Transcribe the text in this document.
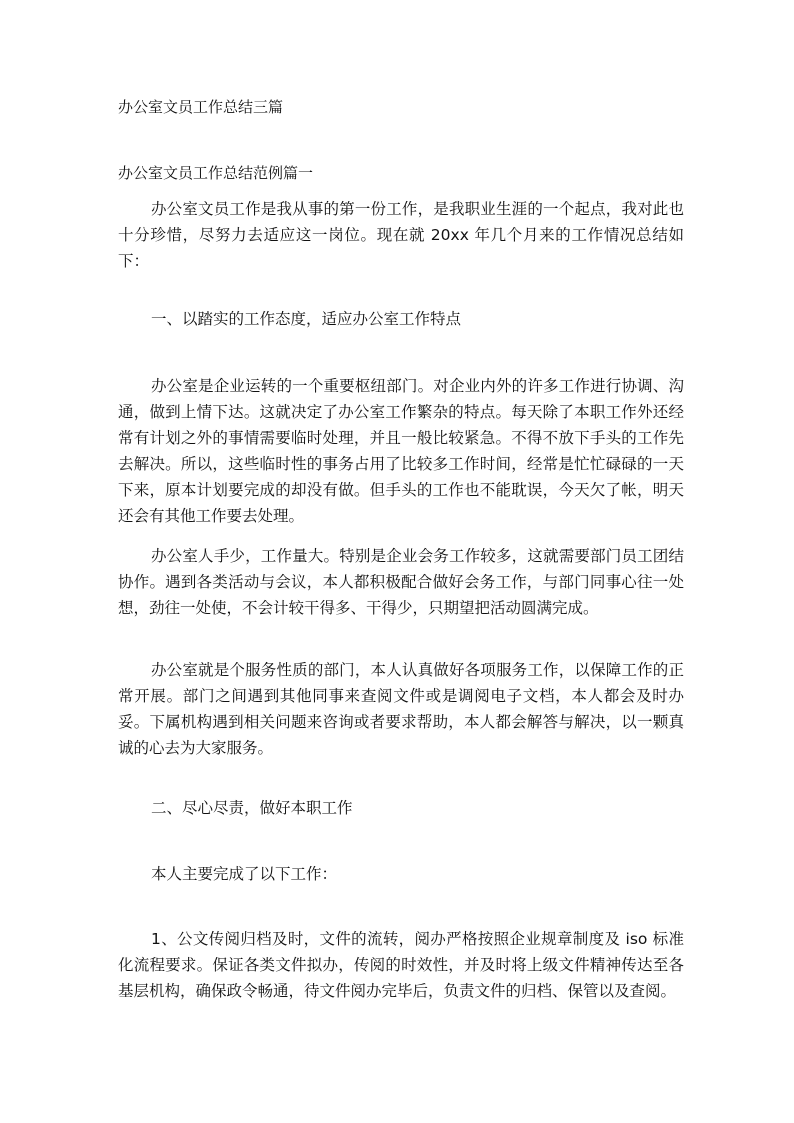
办公室文员工作总结三篇
办公室文员工作总结范例篇一

办公室文员工作是我从事的第一份工作，是我职业生涯的一个起点，我对此也十分珍惜，尽努力去适应这一岗位。现在就 20xx 年几个月来的工作情况总结如下：

一、以踏实的工作态度，适应办公室工作特点

办公室是企业运转的一个重要枢纽部门。对企业内外的许多工作进行协调、沟通，做到上情下达。这就决定了办公室工作繁杂的特点。每天除了本职工作外还经常有计划之外的事情需要临时处理，并且一般比较紧急。不得不放下手头的工作先去解决。所以，这些临时性的事务占用了比较多工作时间，经常是忙忙碌碌的一天下来，原本计划要完成的却没有做。但手头的工作也不能耽误，今天欠了帐，明天还会有其他工作要去处理。

办公室人手少，工作量大。特别是企业会务工作较多，这就需要部门员工团结协作。遇到各类活动与会议，本人都积极配合做好会务工作，与部门同事心往一处想，劲往一处使，不会计较干得多、干得少，只期望把活动圆满完成。

办公室就是个服务性质的部门，本人认真做好各项服务工作，以保障工作的正常开展。部门之间遇到其他同事来查阅文件或是调阅电子文档，本人都会及时办妥。下属机构遇到相关问题来咨询或者要求帮助，本人都会解答与解决，以一颗真诚的心去为大家服务。

二、尽心尽责，做好本职工作
本人主要完成了以下工作：

1、公文传阅归档及时，文件的流转，阅办严格按照企业规章制度及 iso 标准化流程要求。保证各类文件拟办，传阅的时效性，并及时将上级文件精神传达至各基层机构，确保政令畅通，待文件阅办完毕后，负责文件的归档、保管以及查阅。
